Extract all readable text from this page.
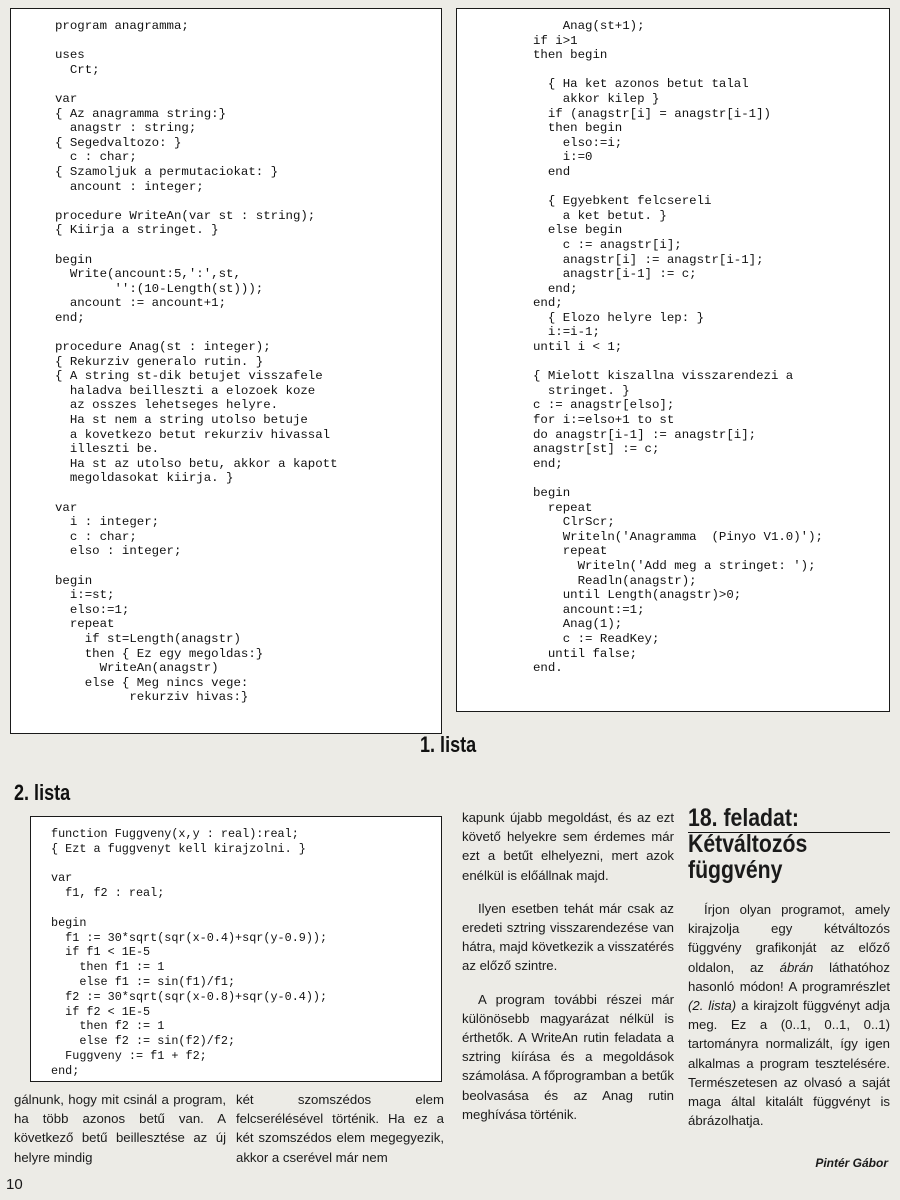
program anagramma;

uses
Crt;

var
{ Az anagramma string:}
anagstr : string;
{ Segedvaltozo: }
c : char;
{ Szamoljuk a permutaciokat: }
ancount : integer;

procedure WriteAn(var st : string);
{ Kiirja a stringet. }

begin
Write(ancount:5,':',st,
'':(10-Length(st)));
ancount := ancount+1;
end;

procedure Anag(st : integer);
{ Rekurziv generalo rutin. }
{ A string st-dik betujet visszafele
haladva beilleszti a elozoek koze
az osszes lehetseges helyre.
Ha st nem a string utolso betuje
a kovetkezo betut rekurziv hivassal
illeszti be.
Ha st az utolso betu, akkor a kapott
megoldasokat kiirja. }

var
i : integer;
c : char;
elso : integer;

begin
i:=st;
elso:=1;
repeat
if st=Length(anagstr)
then { Ez egy megoldas:}
WriteAn(anagstr)
else { Meg nincs vege:
rekurziv hivas:}
Anag(st+1);
if i>1
then begin

{ Ha ket azonos betut talal
akkor kilep }
if (anagstr[i] = anagstr[i-1])
then begin
elso:=i;
i:=0
end

{ Egyebkent felcsereli
a ket betut. }
else begin
c := anagstr[i];
anagstr[i] := anagstr[i-1];
anagstr[i-1] := c;
end;
end;
{ Elozo helyre lep: }
i:=i-1;
until i < 1;

{ Mielott kiszallna visszarendezi a
stringet. }
c := anagstr[elso];
for i:=elso+1 to st
do anagstr[i-1] := anagstr[i];
anagstr[st] := c;
end;

begin
repeat
ClrScr;
Writeln('Anagramma  (Pinyo V1.0)');
repeat
Writeln('Add meg a stringet: ');
Readln(anagstr);
until Length(anagstr)>0;
ancount:=1;
Anag(1);
c := ReadKey;
until false;
end.
1. lista
2. lista
function Fuggveny(x,y : real):real;
{ Ezt a fuggvenyt kell kirajzolni. }

var
f1, f2 : real;

begin
f1 := 30*sqrt(sqr(x-0.4)+sqr(y-0.9));
if f1 < 1E-5
then f1 := 1
else f1 := sin(f1)/f1;
f2 := 30*sqrt(sqr(x-0.8)+sqr(y-0.4));
if f2 < 1E-5
then f2 := 1
else f2 := sin(f2)/f2;
Fuggveny := f1 + f2;
end;

gálnunk, hogy mit csinál a program, ha több azonos betű van. A következő betű beillesztése az új helyre mindig

két szomszédos elem felcserélésével történik. Ha ez a két szomszédos elem megegyezik, akkor a cserével már nem

kapunk újabb megoldást, és az ezt követő helyekre sem érdemes már ezt a betűt elhelyezni, mert azok enélkül is előállnak majd.

Ilyen esetben tehát már csak az eredeti sztring visszarendezése van hátra, majd következik a visszatérés az előző szintre.

A program további részei már különösebb magyarázat nélkül is érthetők. A WriteAn rutin feladata a sztring kiírása és a megoldások számolása. A főprogramban a betűk beolvasása és az Anag rutin meghívása történik.

18. feladat:
Kétváltozós
függvény

Írjon olyan programot, amely kirajzolja egy kétváltozós függvény grafikonját az előző oldalon, az ábrán láthatóhoz hasonló módon! A programrészlet (2. lista) a kirajzolt függvényt adja meg. Ez a (0..1, 0..1, 0..1) tartományra normalizált, így igen alkalmas a program tesztelésére. Természetesen az olvasó a saját maga által kitalált függvényt is ábrázolhatja.

Pintér Gábor
10
